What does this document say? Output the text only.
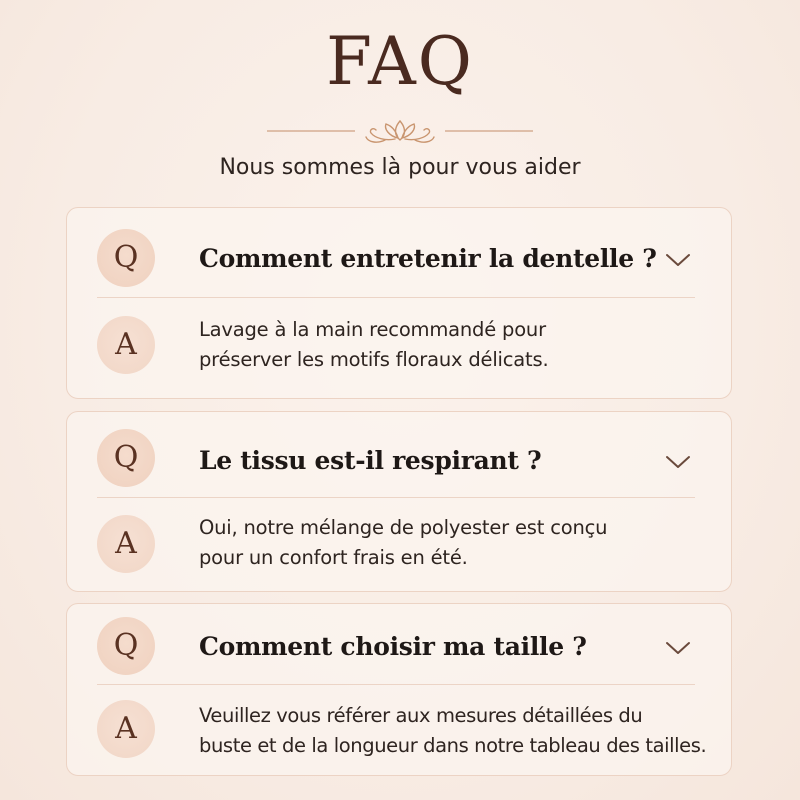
FAQ
Nous sommes là pour vous aider
Q	Comment entretenir la dentelle ?
A	Lavage à la main recommandé pour
préserver les motifs floraux délicats.
Q	Le tissu est-il respirant ?
A	Oui, notre mélange de polyester est conçu
pour un confort frais en été.
Q	Comment choisir ma taille ?
A	Veuillez vous référer aux mesures détaillées du
buste et de la longueur dans notre tableau des tailles.
